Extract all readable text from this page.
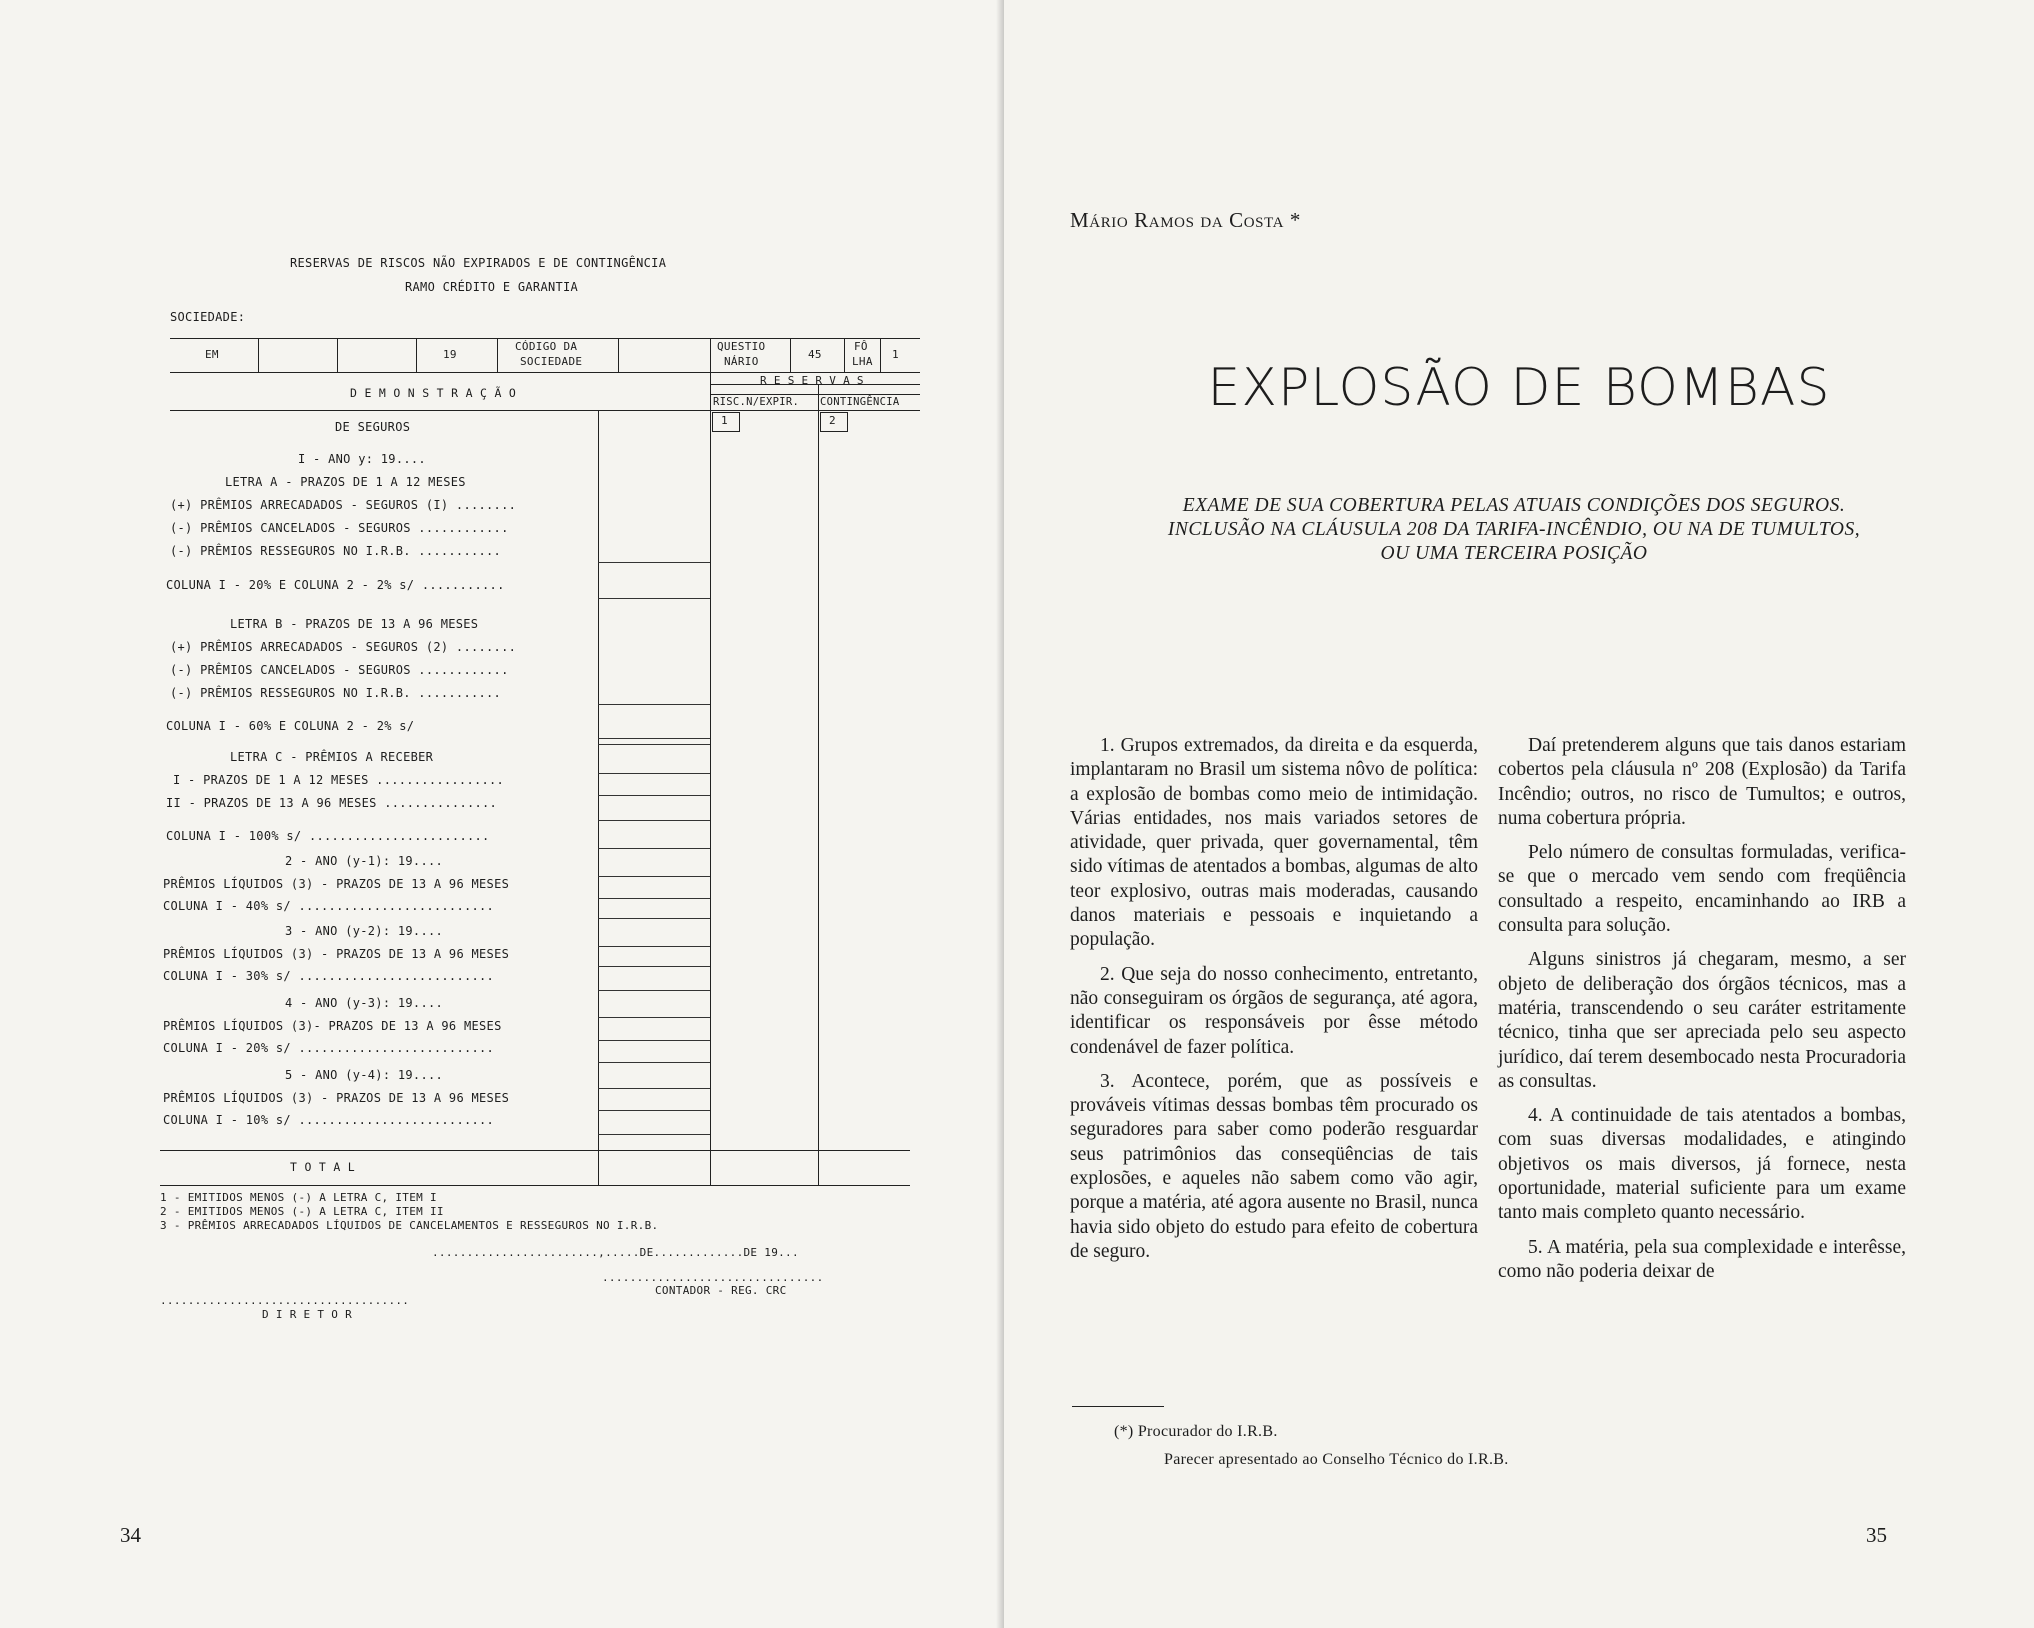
RESERVAS DE RISCOS NÃO EXPIRADOS E DE CONTINGÊNCIA
RAMO CRÉDITO E GARANTIA
SOCIEDADE:
EM	19
CÓDIGO DA
SOCIEDADE
QUESTIO
NÁRIO
45
FÔ
LHA
1
D E M O N S T R A Ç Ã O
R E S E R V A S
RISC.N/EXPIR. CONTINGÊNCIA
1	2
DE SEGUROS
I - ANO y: 19....
LETRA A - PRAZOS DE 1 A 12 MESES
(+) PRÊMIOS ARRECADADOS - SEGUROS (I) ........
(-) PRÊMIOS CANCELADOS - SEGUROS ............
(-) PRÊMIOS RESSEGUROS NO I.R.B. ...........
COLUNA I - 20% E COLUNA 2 - 2% s/ ...........
LETRA B - PRAZOS DE 13 A 96 MESES
(+) PRÊMIOS ARRECADADOS - SEGUROS (2) ........
(-) PRÊMIOS CANCELADOS - SEGUROS ............
(-) PRÊMIOS RESSEGUROS NO I.R.B. ...........
COLUNA I - 60% E COLUNA 2 - 2% s/
LETRA C - PRÊMIOS A RECEBER
I - PRAZOS DE 1 A 12 MESES .................
II - PRAZOS DE 13 A 96 MESES ...............
COLUNA I - 100% s/ ........................
2 - ANO (y-1): 19....
PRÊMIOS LÍQUIDOS (3) - PRAZOS DE 13 A 96 MESES
COLUNA I - 40% s/ ..........................
3 - ANO (y-2): 19....
PRÊMIOS LÍQUIDOS (3) - PRAZOS DE 13 A 96 MESES
COLUNA I - 30% s/ ..........................
4 - ANO (y-3): 19....
PRÊMIOS LÍQUIDOS (3)- PRAZOS DE 13 A 96 MESES
COLUNA I - 20% s/ ..........................
5 - ANO (y-4): 19....
PRÊMIOS LÍQUIDOS (3) - PRAZOS DE 13 A 96 MESES
COLUNA I - 10% s/ ..........................
T O T A L
1 - EMITIDOS MENOS (-) A LETRA C, ITEM I
2 - EMITIDOS MENOS (-) A LETRA C, ITEM II
3 - PRÊMIOS ARRECADADOS LÍQUIDOS DE CANCELAMENTOS E RESSEGUROS NO I.R.B.
........................,.....DE.............DE 19...
................................
CONTADOR - REG. CRC
....................................
D I R E T O R
34
Mário Ramos da Costa *
EXPLOSÃO DE BOMBAS
EXAME DE SUA COBERTURA PELAS ATUAIS CONDIÇÕES DOS SEGUROS. INCLUSÃO NA CLÁUSULA 208 DA TARIFA-INCÊNDIO, OU NA DE TUMULTOS, OU UMA TERCEIRA POSIÇÃO

1. Grupos extremados, da direita e da esquerda, implantaram no Brasil um sistema nôvo de política: a explosão de bombas como meio de intimidação. Várias entidades, nos mais variados setores de atividade, quer privada, quer governamental, têm sido vítimas de atentados a bombas, algumas de alto teor explosivo, outras mais moderadas, causando danos materiais e pessoais e inquietando a população.

2. Que seja do nosso conhecimento, entretanto, não conseguiram os órgãos de segurança, até agora, identificar os responsáveis por êsse método condenável de fazer política.

3. Acontece, porém, que as possíveis e prováveis vítimas dessas bombas têm procurado os seguradores para saber como poderão resguardar seus patrimônios das conseqüências de tais explosões, e aqueles não sabem como vão agir, porque a matéria, até agora ausente no Brasil, nunca havia sido objeto do estudo para efeito de cobertura de seguro.

Daí pretenderem alguns que tais danos estariam cobertos pela cláusula nº 208 (Explosão) da Tarifa Incêndio; outros, no risco de Tumultos; e outros, numa cobertura própria.

Pelo número de consultas formuladas, verifica-se que o mercado vem sendo com freqüência consultado a respeito, encaminhando ao IRB a consulta para solução.

Alguns sinistros já chegaram, mesmo, a ser objeto de deliberação dos órgãos técnicos, mas a matéria, transcendendo o seu caráter estritamente técnico, tinha que ser apreciada pelo seu aspecto jurídico, daí terem desembocado nesta Procuradoria as consultas.

4. A continuidade de tais atentados a bombas, com suas diversas modalidades, e atingindo objetivos os mais diversos, já fornece, nesta oportunidade, material suficiente para um exame tanto mais completo quanto necessário.

5. A matéria, pela sua complexidade e interêsse, como não poderia deixar de

(*) Procurador do I.R.B.
Parecer apresentado ao Conselho Técnico do I.R.B.
35
